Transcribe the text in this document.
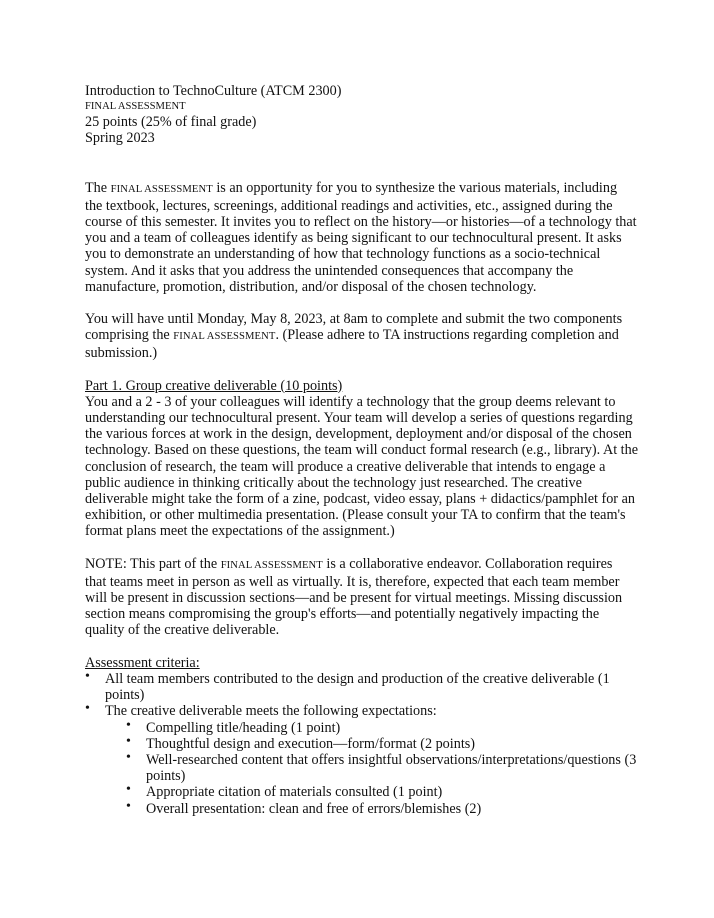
Introduction to TechnoCulture (ATCM 2300)
FINAL ASSESSMENT
25 points (25% of final grade)
Spring 2023
The FINAL ASSESSMENT is an opportunity for you to synthesize the various materials, including
the textbook, lectures, screenings, additional readings and activities, etc., assigned during the
course of this semester. It invites you to reflect on the history—or histories—of a technology that
you and a team of colleagues identify as being significant to our technocultural present. It asks
you to demonstrate an understanding of how that technology functions as a socio-technical
system. And it asks that you address the unintended consequences that accompany the
manufacture, promotion, distribution, and/or disposal of the chosen technology.
You will have until Monday, May 8, 2023, at 8am to complete and submit the two components
comprising the FINAL ASSESSMENT. (Please adhere to TA instructions regarding completion and
submission.)
Part 1. Group creative deliverable (10 points)
You and a 2 - 3 of your colleagues will identify a technology that the group deems relevant to
understanding our technocultural present. Your team will develop a series of questions regarding
the various forces at work in the design, development, deployment and/or disposal of the chosen
technology. Based on these questions, the team will conduct formal research (e.g., library). At the
conclusion of research, the team will produce a creative deliverable that intends to engage a
public audience in thinking critically about the technology just researched. The creative
deliverable might take the form of a zine, podcast, video essay, plans + didactics/pamphlet for an
exhibition, or other multimedia presentation. (Please consult your TA to confirm that the team's
format plans meet the expectations of the assignment.)
NOTE: This part of the FINAL ASSESSMENT is a collaborative endeavor. Collaboration requires
that teams meet in person as well as virtually. It is, therefore, expected that each team member
will be present in discussion sections—and be present for virtual meetings. Missing discussion
section means compromising the group's efforts—and potentially negatively impacting the
quality of the creative deliverable.
Assessment criteria:
• All team members contributed to the design and production of the creative deliverable (1
points)
• The creative deliverable meets the following expectations:
• Compelling title/heading (1 point)
• Thoughtful design and execution—form/format (2 points)
• Well-researched content that offers insightful observations/interpretations/questions (3
points)
• Appropriate citation of materials consulted (1 point)
• Overall presentation: clean and free of errors/blemishes (2)
